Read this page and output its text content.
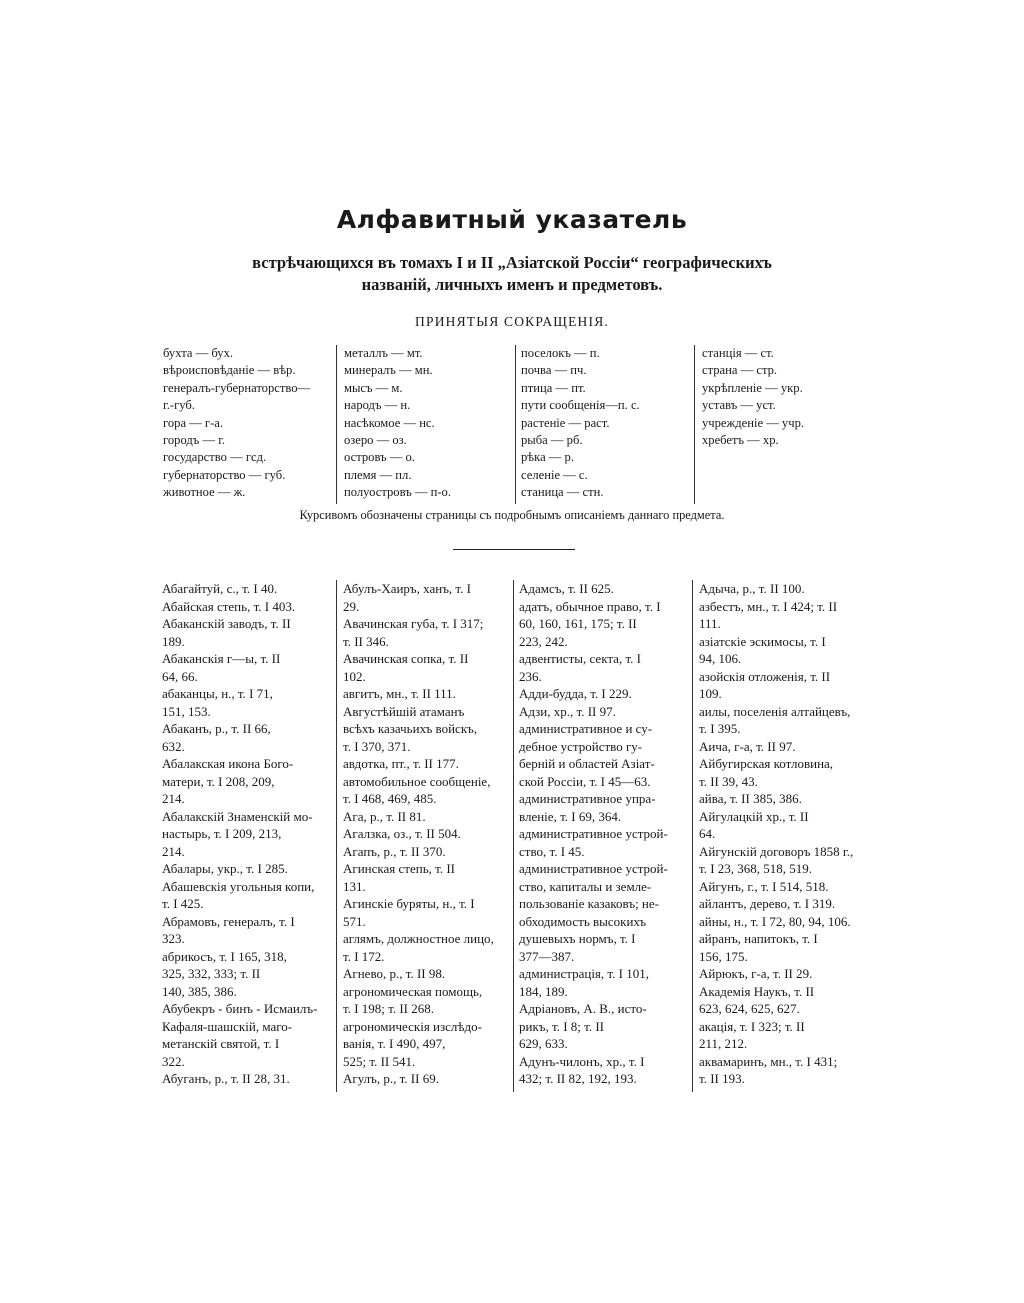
Алфавитный указатель
встрѣчающихся въ томахъ I и II „Азіатской Россіи“ географическихъ
названій, личныхъ именъ и предметовъ.
ПРИНЯТЫЯ СОКРАЩЕНІЯ.
бухта — бух.
вѣроисповѣданіе — вѣр.
генералъ-губернаторство—
г.-губ.
гора — г-а.
городъ — г.
государство — гсд.
губернаторство — губ.
животное — ж.
металлъ — мт.
минералъ — мн.
мысъ — м.
народъ — н.
насѣкомое — нс.
озеро — оз.
островъ — о.
племя — пл.
полуостровъ — п-о.
поселокъ — п.
почва — пч.
птица — пт.
пути сообщенія—п. с.
растеніе — раст.
рыба — рб.
рѣка — р.
селеніе — с.
станица — стн.
станція — ст.
страна — стр.
укрѣпленіе — укр.
уставъ — уст.
учрежденіе — учр.
хребетъ — хр.
Курсивомъ обозначены страницы съ подробнымъ описаніемъ даннаго предмета.
Абагайтуй, с., т. I 40.
Абайская степь, т. I 403.
Абаканскій заводъ, т. II
189.
Абаканскія г—ы, т. II
64, 66.
абаканцы, н., т. I 71,
151, 153.
Абаканъ, р., т. II 66,
632.
Абалакская икона Бого-
матери, т. I 208, 209,
214.
Абалакскій Знаменскій мо-
настырь, т. I 209, 213,
214.
Абалары, укр., т. I 285.
Абашевскія угольныя копи,
т. I 425.
Абрамовъ, генералъ, т. I
323.
абрикосъ, т. I 165, 318,
325, 332, 333; т. II
140, 385, 386.
Абубекръ - бинъ - Исмаилъ-
Кафаля-шашскій, маго-
метанскій святой, т. I
322.
Абуганъ, р., т. II 28, 31.
Абулъ-Хаиръ, ханъ, т. I
29.
Авачинская губа, т. I 317;
т. II 346.
Авачинская сопка, т. II
102.
авгитъ, мн., т. II 111.
Августѣйшій атаманъ
всѣхъ казачьихъ войскъ,
т. I 370, 371.
авдотка, пт., т. II 177.
автомобильное сообщеніе,
т. I 468, 469, 485.
Ага, р., т. II 81.
Агалзка, оз., т. II 504.
Агапъ, р., т. II 370.
Агинская степь, т. II
131.
Агинскіе буряты, н., т. I
571.
аглямъ, должностное лицо,
т. I 172.
Агнево, р., т. II 98.
агрономическая помощь,
т. I 198; т. II 268.
агрономическія изслѣдо-
ванія, т. I 490, 497,
525; т. II 541.
Агулъ, р., т. II 69.
Адамсъ, т. II 625.
адатъ, обычное право, т. I
60, 160, 161, 175; т. II
223, 242.
адвентисты, секта, т. I
236.
Адди-будда, т. I 229.
Адзи, хр., т. II 97.
административное и су-
дебное устройство гу-
берній и областей Азіат-
ской Россіи, т. I 45—63.
административное упра-
вленіе, т. I 69, 364.
административное устрой-
ство, т. I 45.
административное устрой-
ство, капиталы и земле-
пользованіе казаковъ; не-
обходимость высокихъ
душевыхъ нормъ, т. I
377—387.
администрація, т. I 101,
184, 189.
Адріановъ, А. В., исто-
рикъ, т. I 8; т. II
629, 633.
Адунъ-чилонъ, хр., т. I
432; т. II 82, 192, 193.
Адыча, р., т. II 100.
азбестъ, мн., т. I 424; т. II
111.
азіатскіе эскимосы, т. I
94, 106.
азойскія отложенія, т. II
109.
аилы, поселенія алтайцевъ,
т. I 395.
Аича, г-а, т. II 97.
Айбугирская котловина,
т. II 39, 43.
айва, т. II 385, 386.
Айгулацкій хр., т. II
64.
Айгунскій договоръ 1858 г.,
т. I 23, 368, 518, 519.
Айгунъ, г., т. I 514, 518.
айлантъ, дерево, т. I 319.
айны, н., т. I 72, 80, 94, 106.
айранъ, напитокъ, т. I
156, 175.
Айрюкъ, г-а, т. II 29.
Академія Наукъ, т. II
623, 624, 625, 627.
акація, т. I 323; т. II
211, 212.
аквамаринъ, мн., т. I 431;
т. II 193.
